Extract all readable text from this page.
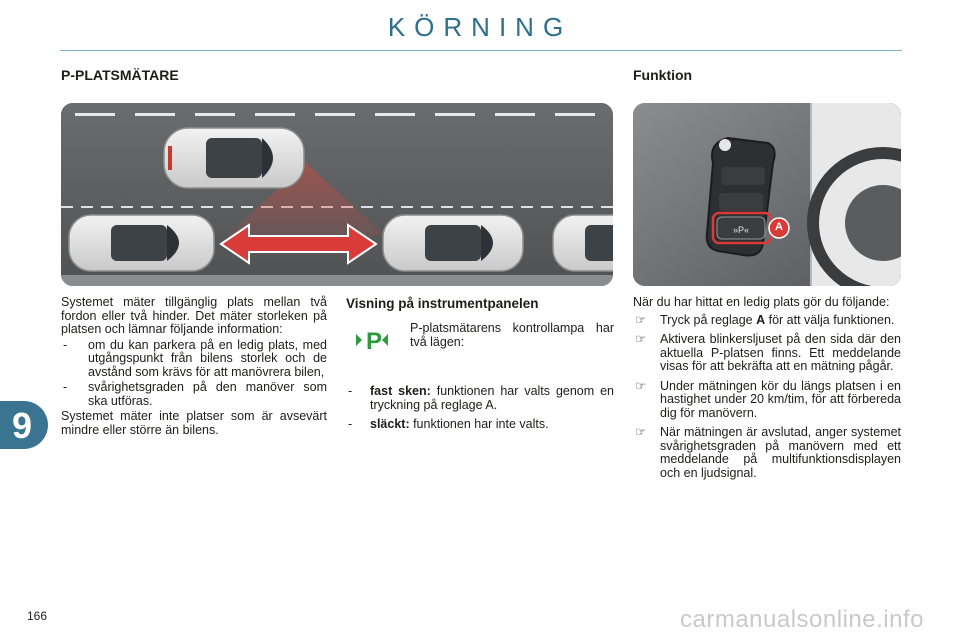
KÖRNING
P-PLATSMÄTARE	Funktion
»P« A

Systemet mäter tillgänglig plats mellan två fordon eller två hinder. Det mäter storleken på platsen och lämnar följande information:

- om du kan parkera på en ledig plats, med utgångspunkt från bilens storlek och de avstånd som krävs för att manövrera bilen,
- svårighetsgraden på den manöver som ska utföras.

Systemet mäter inte platser som är avsevärt mindre eller större än bilens.

Visning på instrumentpanelen
P P-platsmätarens kontrollampa har två lägen:
- fast sken: funktionen har valts genom en tryckning på reglage A.
- släckt: funktionen har inte valts.

När du har hittat en ledig plats gör du följande:

☞ Tryck på reglage A för att välja funktionen.
☞ Aktivera blinkersljuset på den sida där den aktuella P-platsen finns. Ett meddelande visas för att bekräfta att en mätning pågår.
☞ Under mätningen kör du längs platsen i en hastighet under 20 km/tim, för att förbereda dig för manövern.
☞ När mätningen är avslutad, anger systemet svårighetsgraden på manövern med ett meddelande på multifunktionsdisplayen och en ljudsignal.
9
166	carmanualsonline.info
